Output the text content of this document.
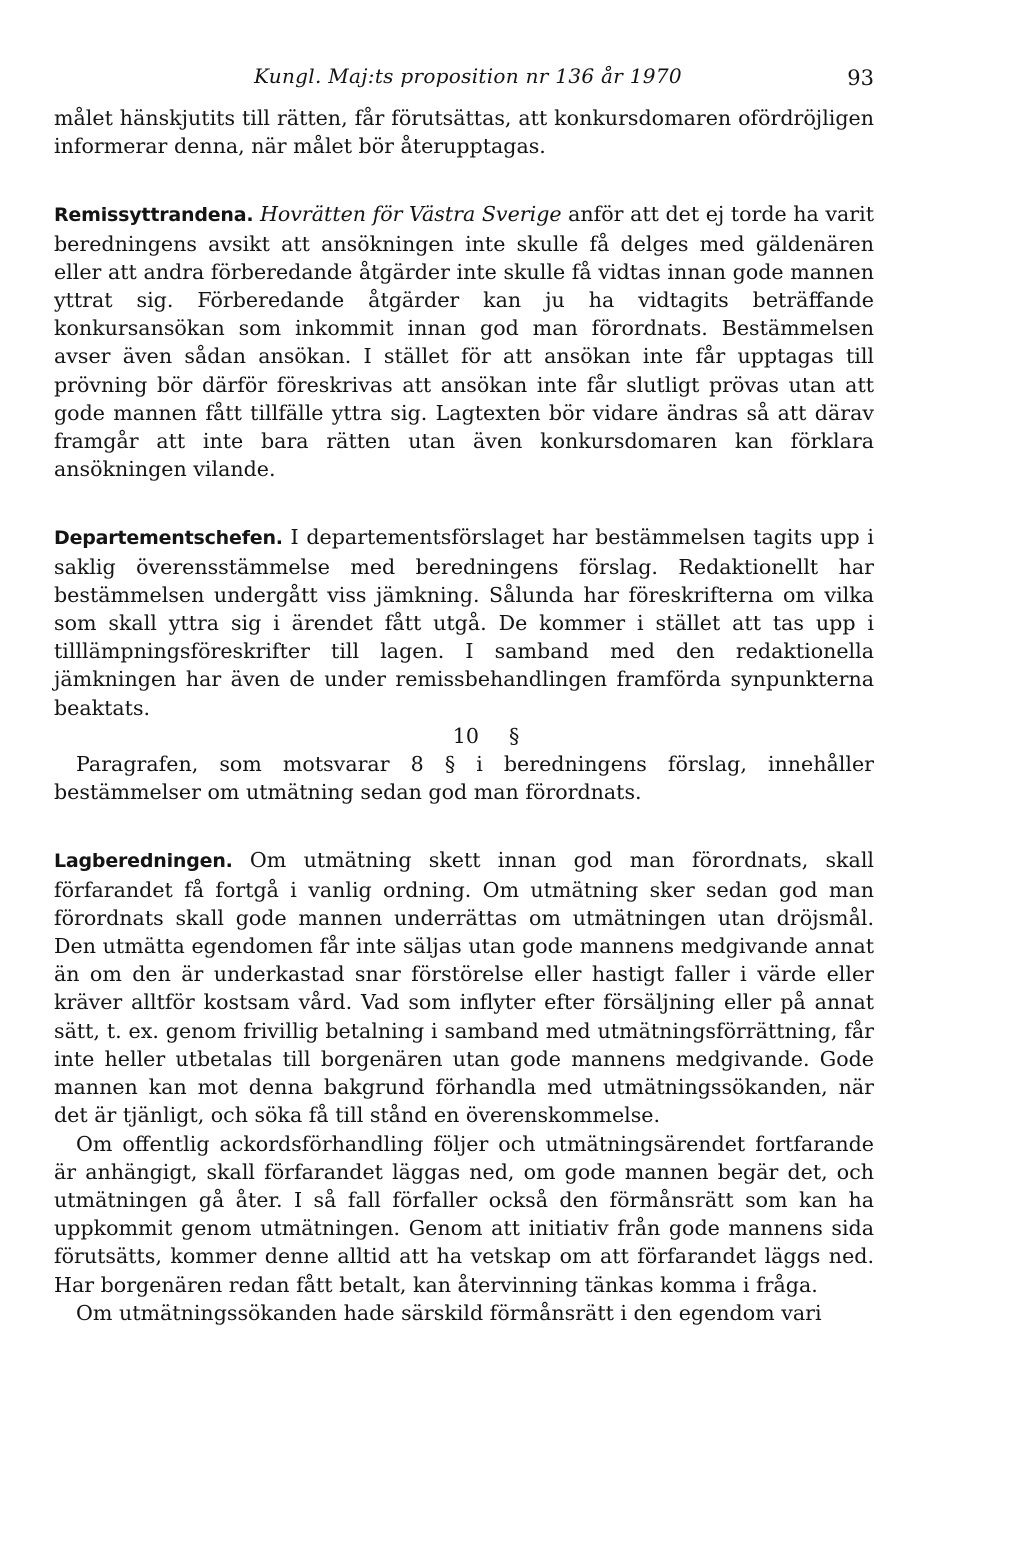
Kungl. Maj:ts proposition nr 136 år 1970	93

målet hänskjutits till rätten, får förutsättas, att konkursdomaren ofördröjligen informerar denna, när målet bör återupptagas.

Remissyttrandena. Hovrätten för Västra Sverige anför att det ej torde ha varit beredningens avsikt att ansökningen inte skulle få delges med gäldenären eller att andra förberedande åtgärder inte skulle få vidtas innan gode mannen yttrat sig. Förberedande åtgärder kan ju ha vidtagits beträffande konkursansökan som inkommit innan god man förordnats. Bestämmelsen avser även sådan ansökan. I stället för att ansökan inte får upptagas till prövning bör därför föreskrivas att ansökan inte får slutligt prövas utan att gode mannen fått tillfälle yttra sig. Lagtexten bör vidare ändras så att därav framgår att inte bara rätten utan även konkursdomaren kan förklara ansökningen vilande.

Departementschefen. I departementsförslaget har bestämmelsen tagits upp i saklig överensstämmelse med beredningens förslag. Redaktionellt har bestämmelsen undergått viss jämkning. Sålunda har föreskrifterna om vilka som skall yttra sig i ärendet fått utgå. De kommer i stället att tas upp i tilllämpningsföreskrifter till lagen. I samband med den redaktionella jämkningen har även de under remissbehandlingen framförda synpunkterna beaktats.

10 §

Paragrafen, som motsvarar 8 § i beredningens förslag, innehåller bestämmelser om utmätning sedan god man förordnats.

Lagberedningen. Om utmätning skett innan god man förordnats, skall förfarandet få fortgå i vanlig ordning. Om utmätning sker sedan god man förordnats skall gode mannen underrättas om utmätningen utan dröjsmål. Den utmätta egendomen får inte säljas utan gode mannens medgivande annat än om den är underkastad snar förstörelse eller hastigt faller i värde eller kräver alltför kostsam vård. Vad som inflyter efter försäljning eller på annat sätt, t. ex. genom frivillig betalning i samband med utmätningsförrättning, får inte heller utbetalas till borgenären utan gode mannens medgivande. Gode mannen kan mot denna bakgrund förhandla med utmätningssökanden, när det är tjänligt, och söka få till stånd en överenskommelse.

Om offentlig ackordsförhandling följer och utmätningsärendet fortfarande är anhängigt, skall förfarandet läggas ned, om gode mannen begär det, och utmätningen gå åter. I så fall förfaller också den förmånsrätt som kan ha uppkommit genom utmätningen. Genom att initiativ från gode mannens sida förutsätts, kommer denne alltid att ha vetskap om att förfarandet läggs ned. Har borgenären redan fått betalt, kan återvinning tänkas komma i fråga.

Om utmätningssökanden hade särskild förmånsrätt i den egendom vari
